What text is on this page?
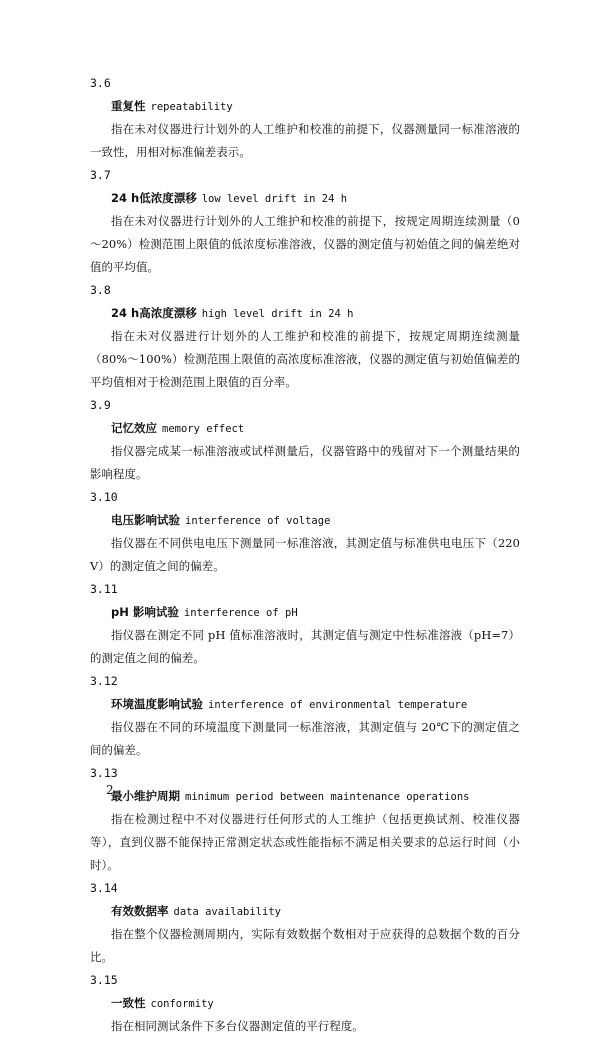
3.6
重复性 repeatability

指在未对仪器进行计划外的人工维护和校准的前提下，仪器测量同一标准溶液的一致性，用相对标准偏差表示。

3.7
24 h低浓度漂移 low level drift in 24 h

指在未对仪器进行计划外的人工维护和校准的前提下，按规定周期连续测量（0～20%）检测范围上限值的低浓度标准溶液，仪器的测定值与初始值之间的偏差绝对值的平均值。

3.8
24 h高浓度漂移 high level drift in 24 h

指在未对仪器进行计划外的人工维护和校准的前提下，按规定周期连续测量（80%～100%）检测范围上限值的高浓度标准溶液，仪器的测定值与初始值偏差的平均值相对于检测范围上限值的百分率。

3.9
记忆效应 memory effect

指仪器完成某一标准溶液或试样测量后，仪器管路中的残留对下一个测量结果的影响程度。

3.10
电压影响试验 interference of voltage

指仪器在不同供电电压下测量同一标准溶液，其测定值与标准供电电压下（220 V）的测定值之间的偏差。

3.11
pH 影响试验 interference of pH

指仪器在测定不同 pH 值标准溶液时，其测定值与测定中性标准溶液（pH=7）的测定值之间的偏差。

3.12
环境温度影响试验 interference of environmental temperature

指仪器在不同的环境温度下测量同一标准溶液，其测定值与 20℃下的测定值之间的偏差。

3.13
最小维护周期 minimum period between maintenance operations

指在检测过程中不对仪器进行任何形式的人工维护（包括更换试剂、校准仪器等），直到仪器不能保持正常测定状态或性能指标不满足相关要求的总运行时间（小时）。

3.14
有效数据率 data availability

指在整个仪器检测周期内，实际有效数据个数相对于应获得的总数据个数的百分比。

3.15
一致性 conformity

指在相同测试条件下多台仪器测定值的平行程度。

2
